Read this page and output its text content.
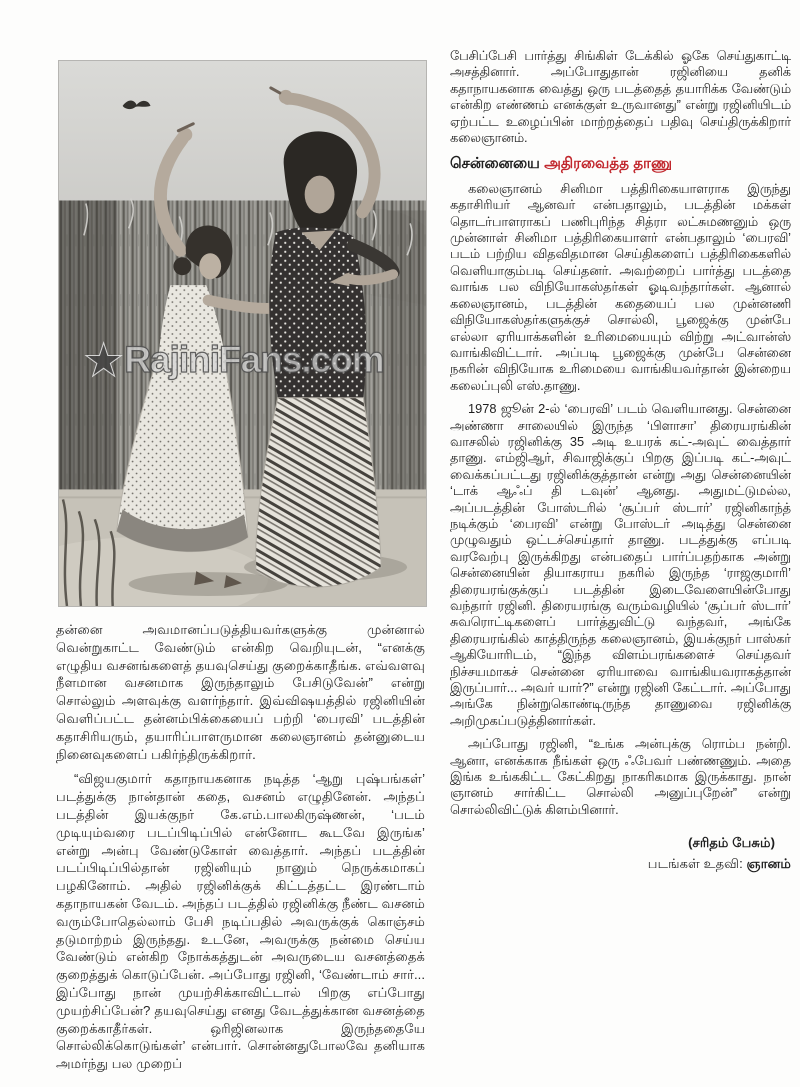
★ RajiniFans.com

தன்னை அவமானப்படுத்தியவர்களுக்கு முன்னால் வென்றுகாட்ட வேண்டும் என்கிற வெறியுடன், “எனக்கு எழுதிய வசனங்களைத் தயவுசெய்து குறைக்காதீங்க. எவ்வளவு நீளமான வசனமாக இருந்தாலும் பேசிடுவேன்” என்று சொல்லும் அளவுக்கு வளர்ந்தார். இவ்விஷயத்தில் ரஜினியின் வெளிப்பட்ட தன்னம்பிக்கையைப் பற்றி ‘பைரவி’ படத்தின் கதாசிரியரும், தயாரிப்பாளருமான கலைஞானம் தன்னுடைய நினைவுகளைப் பகிர்ந்திருக்கிறார்.

“விஜயகுமார் கதாநாயகனாக நடித்த ‘ஆறு புஷ்பங்கள்’ படத்துக்கு நான்தான் கதை, வசனம் எழுதினேன். அந்தப் படத்தின் இயக்குநர் கே.எம்.பாலகிருஷ்ணன், ‘படம் முடியும்வரை படப்பிடிப்பில் என்னோட கூடவே இருங்க’ என்று அன்பு வேண்டுகோள் வைத்தார். அந்தப் படத்தின் படப்பிடிப்பில்தான் ரஜினியும் நானும் நெருக்கமாகப் பழகினோம். அதில் ரஜினிக்குக் கிட்டத்தட்ட இரண்டாம் கதாநாயகன் வேடம். அந்தப் படத்தில் ரஜினிக்கு நீண்ட வசனம் வரும்போதெல்லாம் பேசி நடிப்பதில் அவருக்குக் கொஞ்சம் தடுமாற்றம் இருந்தது. உடனே, அவருக்கு நன்மை செய்ய வேண்டும் என்கிற நோக்கத்துடன் அவருடைய வசனத்தைக் குறைத்துக் கொடுப்பேன். அப்போது ரஜினி, ‘வேண்டாம் சார்... இப்போது நான் முயற்சிக்காவிட்டால் பிறகு எப்போது முயற்சிப்பேன்? தயவுசெய்து எனது வேடத்துக்கான வசனத்தை குறைக்காதீர்கள். ஒரிஜினலாக இருந்ததையே சொல்லிக்கொடுங்கள்’ என்பார். சொன்னதுபோலவே தனியாக அமர்ந்து பல முறைப்

பேசிப்பேசி பார்த்து சிங்கிள் டேக்கில் ஓகே செய்துகாட்டி அசத்தினார். அப்போதுதான் ரஜினியை தனிக் கதாநாயகனாக வைத்து ஒரு படத்தைத் தயாரிக்க வேண்டும் என்கிற எண்ணம் எனக்குள் உருவானது” என்று ரஜினியிடம் ஏற்பட்ட உழைப்பின் மாற்றத்தைப் பதிவு செய்திருக்கிறார் கலைஞானம்.

சென்னையை அதிரவைத்த தாணு

கலைஞானம் சினிமா பத்திரிகையாளராக இருந்து கதாசிரியர் ஆனவர் என்பதாலும், படத்தின் மக்கள் தொடர்பாளராகப் பணிபுரிந்த சித்ரா லட்சுமணனும் ஒரு முன்னாள் சினிமா பத்திரிகையாளர் என்பதாலும் ‘பைரவி’ படம் பற்றிய விதவிதமான செய்திகளைப் பத்திரிகைகளில் வெளியாகும்படி செய்தனர். அவற்றைப் பார்த்து படத்தை வாங்க பல விநியோகஸ்தர்கள் ஓடிவந்தார்கள். ஆனால் கலைஞானம், படத்தின் கதையைப் பல முன்னணி விநியோகஸ்தர்களுக்குச் சொல்லி, பூஜைக்கு முன்பே எல்லா ஏரியாக்களின் உரிமையையும் விற்று அட்வான்ஸ் வாங்கிவிட்டார். அப்படி பூஜைக்கு முன்பே சென்னை நகரின் விநியோக உரிமையை வாங்கியவர்தான் இன்றைய கலைப்புலி எஸ்.தாணு.

1978 ஜூன் 2-ல் ‘பைரவி’ படம் வெளியானது. சென்னை அண்ணா சாலையில் இருந்த ‘பிளாசா’ திரையரங்கின் வாசலில் ரஜினிக்கு 35 அடி உயரக் கட்-அவுட் வைத்தார் தாணு. எம்ஜிஆர், சிவாஜிக்குப் பிறகு இப்படி கட்-அவுட் வைக்கப்பட்டது ரஜினிக்குத்தான் என்று அது சென்னையின் ‘டாக் ஆஃப் தி டவுன்’ ஆனது. அதுமட்டுமல்ல, அப்படத்தின் போஸ்டரில் ‘சூப்பர் ஸ்டார்’ ரஜினிகாந்த் நடிக்கும் ‘பைரவி’ என்று போஸ்டர் அடித்து சென்னை முழுவதும் ஒட்டச்செய்தார் தாணு. படத்துக்கு எப்படி வரவேற்பு இருக்கிறது என்பதைப் பார்ப்பதற்காக அன்று சென்னையின் தியாகராய நகரில் இருந்த ‘ராஜகுமாரி’ திரையரங்குக்குப் படத்தின் இடைவேளையின்போது வந்தார் ரஜினி. திரையரங்கு வரும்வழியில் ‘சூப்பர் ஸ்டார்’ சுவரொட்டிகளைப் பார்த்துவிட்டு வந்தவர், அங்கே திரையரங்கில் காத்திருந்த கலைஞானம், இயக்குநர் பாஸ்கர் ஆகியோரிடம், “இந்த விளம்பரங்களைச் செய்தவர் நிச்சயமாகச் சென்னை ஏரியாவை வாங்கியவராகத்தான் இருப்பார்... அவர் யார்?” என்று ரஜினி கேட்டார். அப்போது அங்கே நின்றுகொண்டிருந்த தாணுவை ரஜினிக்கு அறிமுகப்படுத்தினார்கள்.

அப்போது ரஜினி, “உங்க அன்புக்கு ரொம்ப நன்றி. ஆனா, எனக்காக நீங்கள் ஒரு ஃபேவர் பண்ணணும். அதை இங்க உங்ககிட்ட கேட்கிறது நாகரிகமாக இருக்காது. நான் ஞானம் சார்கிட்ட சொல்லி அனுப்புறேன்” என்று சொல்லிவிட்டுக் கிளம்பினார்.

(சரிதம் பேசும்)
படங்கள் உதவி: ஞானம்
